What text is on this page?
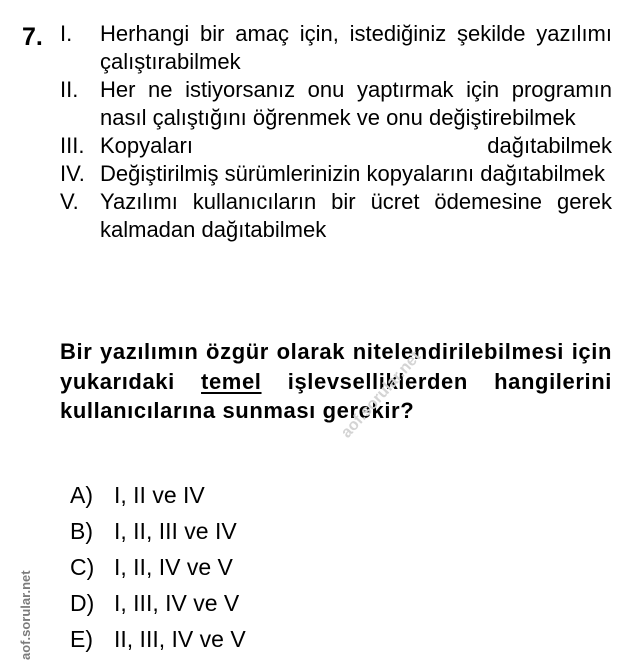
7. I.	Herhangi bir amaç için, istediğiniz şekilde yazılımı çalıştırabilmek
II. Her ne istiyorsanız onu yaptırmak için programın nasıl çalıştığını öğrenmek ve onu değiştirebilmek
III. Kopyaları dağıtabilmek
IV. Değiştirilmiş sürümlerinizin kopyalarını dağıtabilmek
V. Yazılımı kullanıcıların bir ücret ödemesine gerek kalmadan dağıtabilmek
Bir yazılımın özgür olarak nitelendirilebilmesi için yukarıdaki temel işlevselliklerden hangilerini kullanıcılarına sunması gerekir?
A) I, II ve IV
B) I, II, III ve IV
C) I, II, IV ve V
D) I, III, IV ve V
E) II, III, IV ve V
aof.sorular.net
aof.sorular.net
